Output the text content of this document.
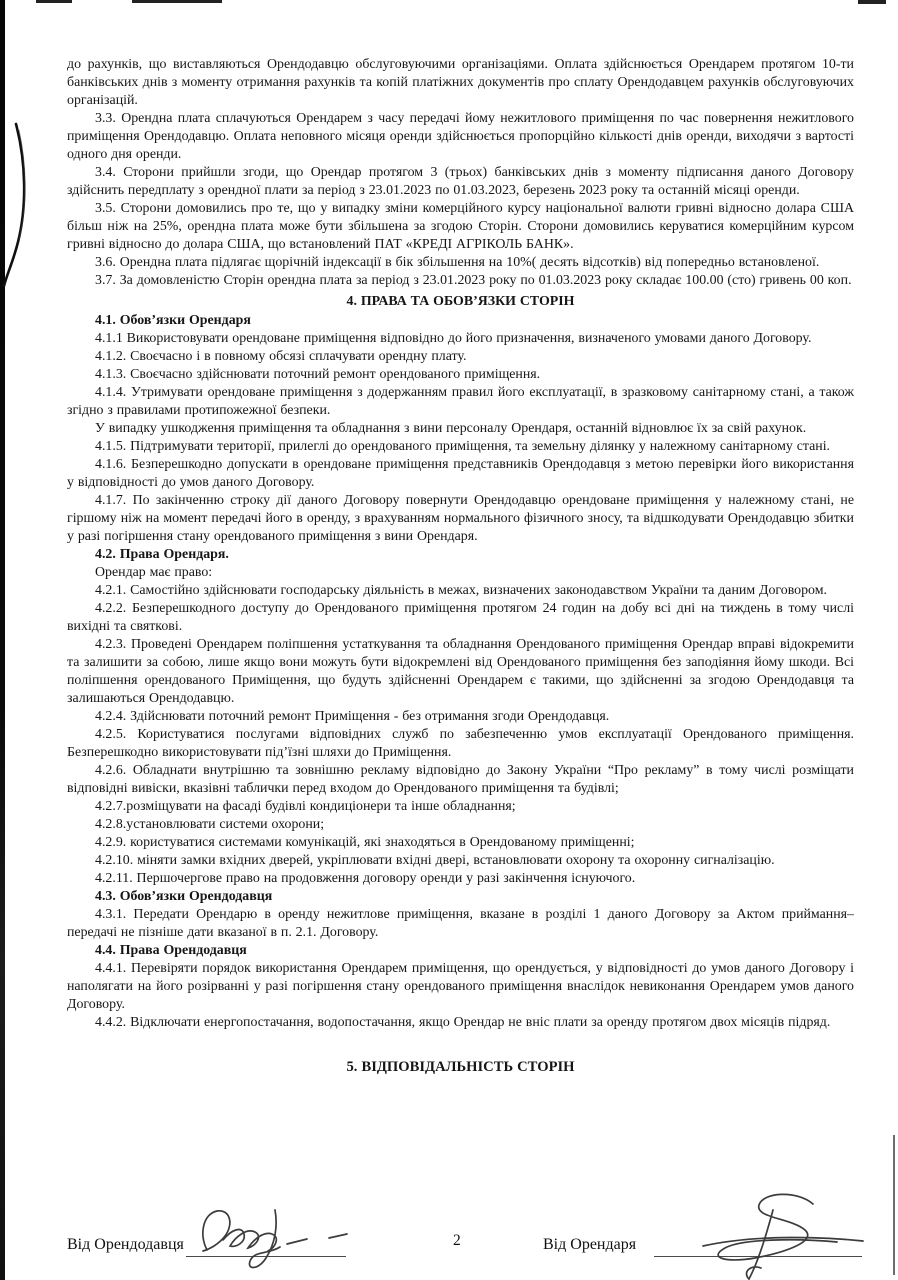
до рахунків, що виставляються Орендодавцю обслуговуючими організаціями. Оплата здійснюється Орендарем протягом 10-ти банківських днів з моменту отримання рахунків та копій платіжних документів про сплату Орендодавцем рахунків обслуговуючих організацій.

3.3. Орендна плата сплачуються Орендарем з часу передачі йому нежитлового приміщення по час повернення нежитлового приміщення Орендодавцю. Оплата неповного місяця оренди здійснюється пропорційно кількості днів оренди, виходячи з вартості одного дня оренди.

3.4. Сторони прийшли згоди, що Орендар протягом 3 (трьох) банківських днів з моменту підписання даного Договору здійснить передплату з орендної плати за період з 23.01.2023 по 01.03.2023, березень 2023 року та останній місяці оренди.

3.5. Сторони домовились про те, що у випадку зміни комерційного курсу національної валюти гривні відносно долара США більш ніж на 25%, орендна плата може бути збільшена за згодою Сторін. Сторони домовились керуватися комерційним курсом гривні відносно до долара США, що встановлений ПАТ «КРЕДІ АГРІКОЛЬ БАНК».

3.6. Орендна плата підлягає щорічній індексації в бік збільшення на 10%( десять відсотків) від попередньо встановленої.

3.7. За домовленістю Сторін орендна плата за період з 23.01.2023 року по 01.03.2023 року складає 100.00 (сто) гривень 00 коп.

4. ПРАВА ТА ОБОВ’ЯЗКИ СТОРІН

4.1. Обов’язки Орендаря

4.1.1 Використовувати орендоване приміщення відповідно до його призначення, визначеного умовами даного Договору.

4.1.2. Своєчасно і в повному обсязі сплачувати орендну плату.

4.1.3. Своєчасно здійснювати поточний ремонт орендованого приміщення.

4.1.4. Утримувати орендоване приміщення з додержанням правил його експлуатації, в зразковому санітарному стані, а також згідно з правилами протипожежної безпеки.

У випадку ушкодження приміщення та обладнання з вини персоналу Орендаря, останній відновлює їх за свій рахунок.

4.1.5. Підтримувати території, прилеглі до орендованого приміщення, та земельну ділянку у належному санітарному стані.

4.1.6. Безперешкодно допускати в орендоване приміщення представників Орендодавця з метою перевірки його використання у відповідності до умов даного Договору.

4.1.7. По закінченню строку дії даного Договору повернути Орендодавцю орендоване приміщення у належному стані, не гіршому ніж на момент передачі його в оренду, з врахуванням нормального фізичного зносу, та відшкодувати Орендодавцю збитки у разі погіршення стану орендованого приміщення з вини Орендаря.

4.2. Права Орендаря.

Орендар має право:

4.2.1. Самостійно здійснювати господарську діяльність в межах, визначених законодавством України та даним Договором.

4.2.2. Безперешкодного доступу до Орендованого приміщення протягом 24 годин на добу всі дні на тиждень в тому числі вихідні та святкові.

4.2.3. Проведені Орендарем поліпшення устаткування та обладнання Орендованого приміщення Орендар вправі відокремити та залишити за собою, лише якщо вони можуть бути відокремлені від Орендованого приміщення без заподіяння йому шкоди. Всі поліпшення орендованого Приміщення, що будуть здійсненні Орендарем є такими, що здійсненні за згодою Орендодавця та залишаються Орендодавцю.

4.2.4. Здійснювати поточний ремонт Приміщення - без отримання згоди Орендодавця.

4.2.5. Користуватися послугами відповідних служб по забезпеченню умов експлуатації Орендованого приміщення. Безперешкодно використовувати під’їзні шляхи до Приміщення.

4.2.6. Обладнати внутрішню та зовнішню рекламу відповідно до Закону України “Про рекламу” в тому числі розміщати відповідні вивіски, вказівні таблички перед входом до Орендованого приміщення та будівлі;

4.2.7.розміщувати на фасаді будівлі кондиціонери та інше обладнання;

4.2.8.установлювати системи охорони;

4.2.9. користуватися системами комунікацій, які знаходяться в Орендованому приміщенні;

4.2.10. міняти замки вхідних дверей, укріплювати вхідні двері, встановлювати охорону та охоронну сигналізацію.

4.2.11. Першочергове право на продовження договору оренди у разі закінчення існуючого.

4.3. Обов’язки Орендодавця

4.3.1. Передати Орендарю в оренду нежитлове приміщення, вказане в розділі 1 даного Договору за Актом приймання–передачі не пізніше дати вказаної в п. 2.1. Договору.

4.4. Права Орендодавця

4.4.1. Перевіряти порядок використання Орендарем приміщення, що орендується, у відповідності до умов даного Договору і наполягати на його розірванні у разі погіршення стану орендованого приміщення внаслідок невиконання Орендарем умов даного Договору.

4.4.2. Відключати енергопостачання, водопостачання, якщо Орендар не вніс плати за оренду протягом двох місяців підряд.

5. ВІДПОВІДАЛЬНІСТЬ СТОРІН

Від Орендодавця	2	Від Орендаря
